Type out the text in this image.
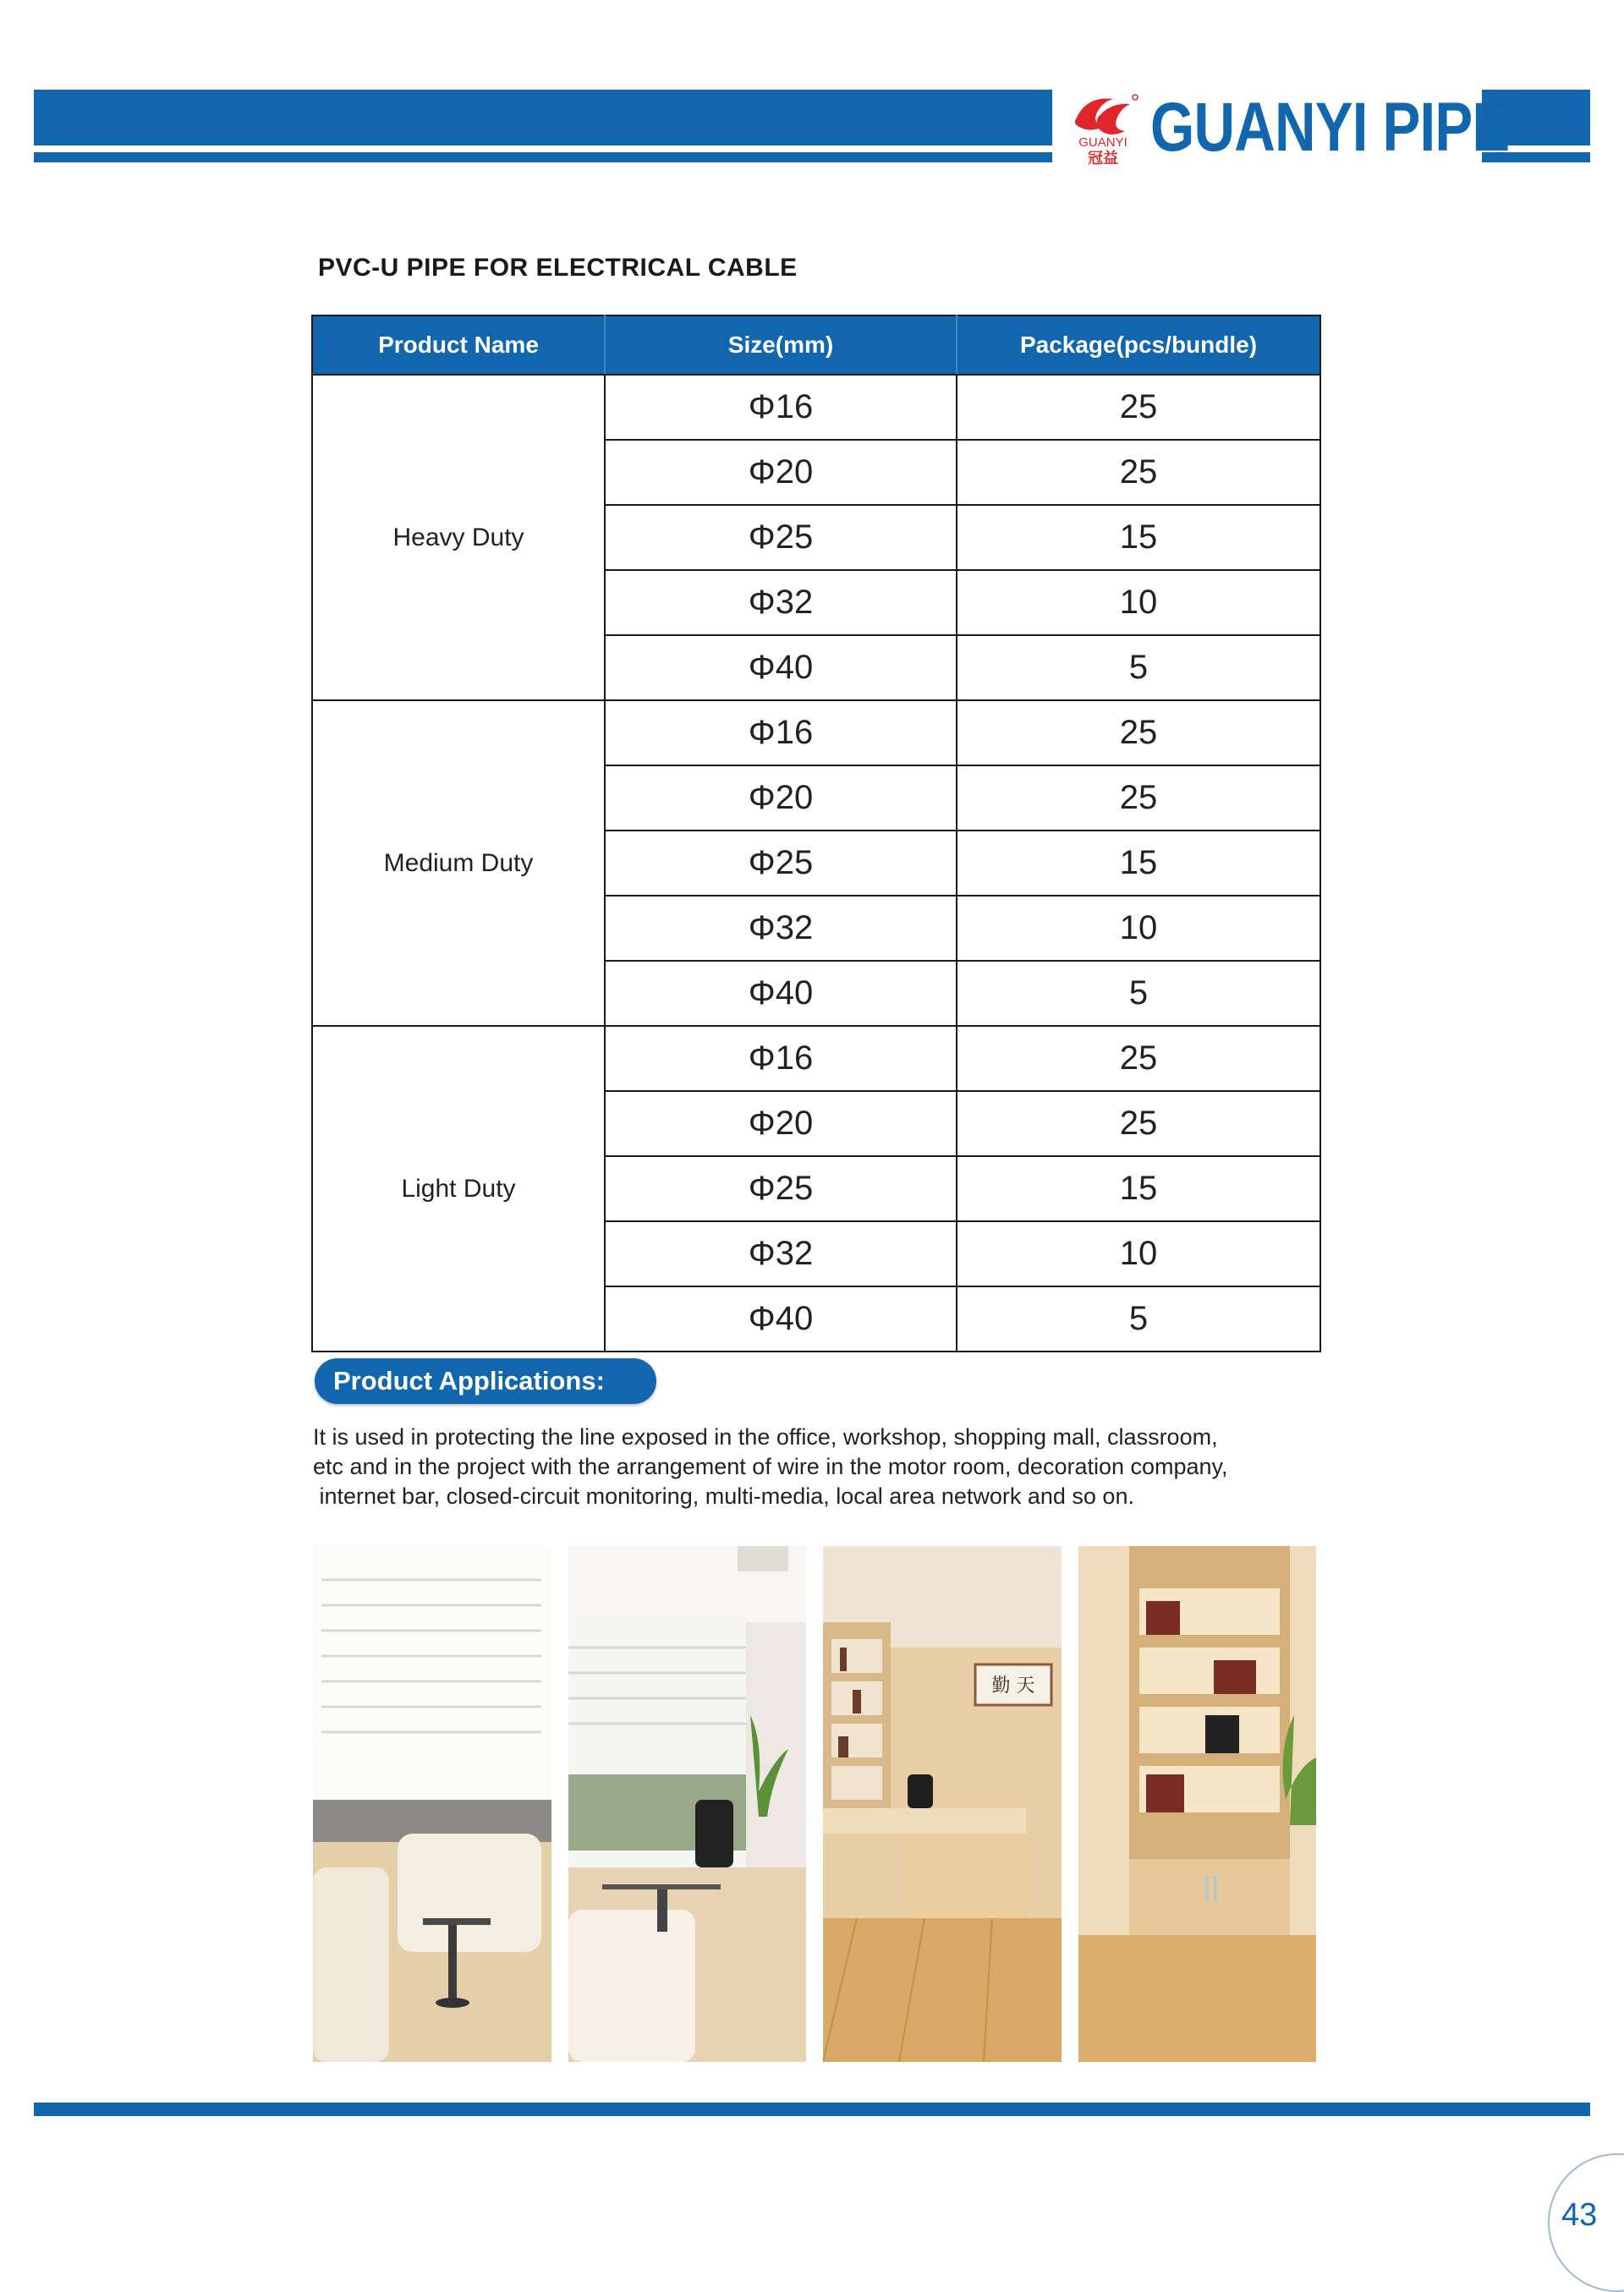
GUANYI
冠益 GUANYI PIPE
PVC-U PIPE FOR ELECTRICAL CABLE
Product Name	Size(mm)	Package(pcs/bundle)
Heavy Duty	Φ16	25
	Φ20	25
	Φ25	15
	Φ32	10
	Φ40	5
Medium Duty	Φ16	25
	Φ20	25
	Φ25	15
	Φ32	10
	Φ40	5
Light Duty	Φ16	25
	Φ20	25
	Φ25	15
	Φ32	10
	Φ40	5
Product Applications:
It is used in protecting the line exposed in the office, workshop, shopping mall, classroom,
etc and in the project with the arrangement of wire in the motor room, decoration company,
internet bar, closed-circuit monitoring, multi-media, local area network and so on.
勤 天
43
